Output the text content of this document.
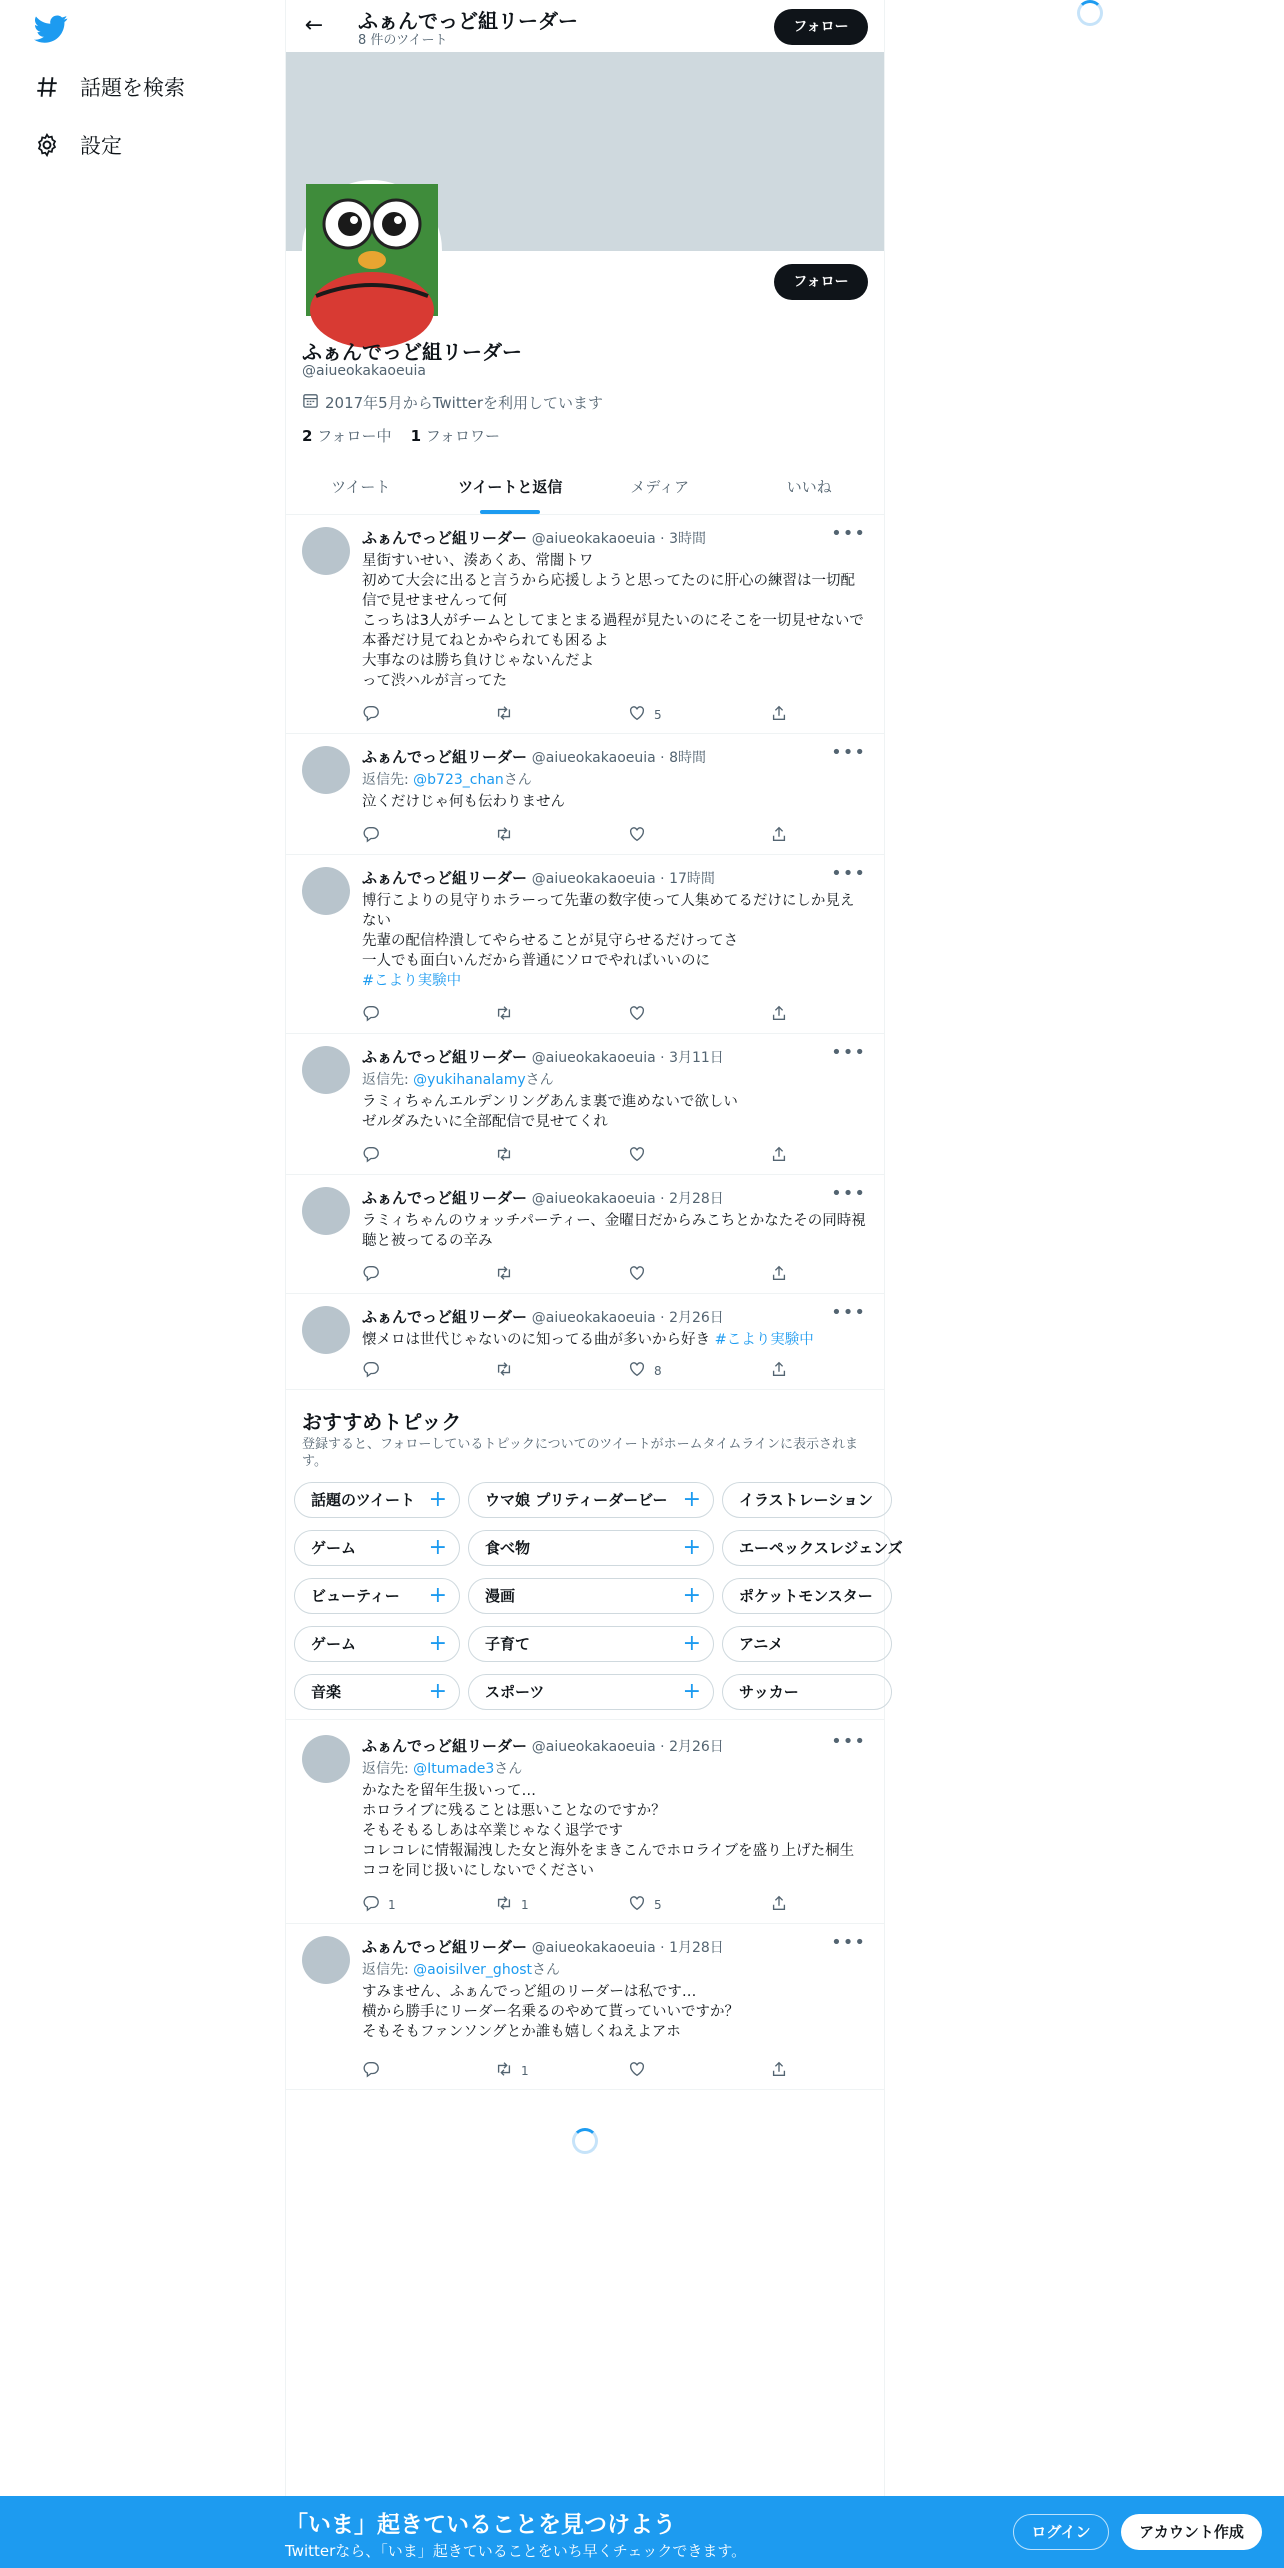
話題を検索
設定
← ふぁんでっど組リーダー
8 件のツイート
フォロー
フォロー
ふぁんでっど組リーダー
@aiueokakaoeuia
2017年5月からTwitterを利用しています
2 フォロー中 1 フォロワー
ツイート	ツイートと返信	メディア	いいね
ふぁんでっど組リーダー @aiueokakaoeuia · 3時間	•••
星街すいせい、湊あくあ、常闇トワ
初めて大会に出ると言うから応援しようと思ってたのに肝心の練習は一切配信で見せませんって何
こっちは3人がチームとしてまとまる過程が見たいのにそこを一切見せないで本番だけ見てねとかやられても困るよ
大事なのは勝ち負けじゃないんだよ
って渋ハルが言ってた
5
ふぁんでっど組リーダー @aiueokakaoeuia · 8時間	•••
返信先: @b723_chanさん
泣くだけじゃ何も伝わりません
ふぁんでっど組リーダー @aiueokakaoeuia · 17時間	•••
博行こよりの見守りホラーって先輩の数字使って人集めてるだけにしか見えない
先輩の配信枠潰してやらせることが見守らせるだけってさ
一人でも面白いんだから普通にソロでやればいいのに
#こより実験中
ふぁんでっど組リーダー @aiueokakaoeuia · 3月11日	•••
返信先: @yukihanalamyさん
ラミィちゃんエルデンリングあんま裏で進めないで欲しい
ゼルダみたいに全部配信で見せてくれ
ふぁんでっど組リーダー @aiueokakaoeuia · 2月28日	•••
ラミィちゃんのウォッチパーティー、金曜日だからみこちとかなたその同時視聴と被ってるの辛み
ふぁんでっど組リーダー @aiueokakaoeuia · 2月26日	•••
懐メロは世代じゃないのに知ってる曲が多いから好き #こより実験中
8
ふぁんでっど組リーダー @aiueokakaoeuia · 2月26日	•••
返信先: @Itumade3さん
かなたを留年生扱いって…
ホロライブに残ることは悪いことなのですか？
そもそもるしあは卒業じゃなく退学です
コレコレに情報漏洩した女と海外をまきこんでホロライブを盛り上げた桐生ココを同じ扱いにしないでください
1	1	5
ふぁんでっど組リーダー @aiueokakaoeuia · 1月28日	•••
返信先: @aoisilver_ghostさん
すみません、ふぁんでっど組のリーダーは私です…
横から勝手にリーダー名乗るのやめて貰っていいですか？
そもそもファンソングとか誰も嬉しくねえよアホ
1
おすすめトピック
登録すると、フォローしているトピックについてのツイートがホームタイムラインに表示されます。
話題のツイート +	ウマ娘 プリティーダービー +	イラストレーション
ゲーム	+	食べ物	+	エーペックスレジェンズ
ビューティー +	漫画	+	ポケットモンスター
ゲーム	+	子育て	+	アニメ
音楽	+	スポーツ	+	サッカー
「いま」起きていることを見つけよう
Twitterなら、「いま」起きていることをいち早くチェックできます。
ログイン	アカウント作成
